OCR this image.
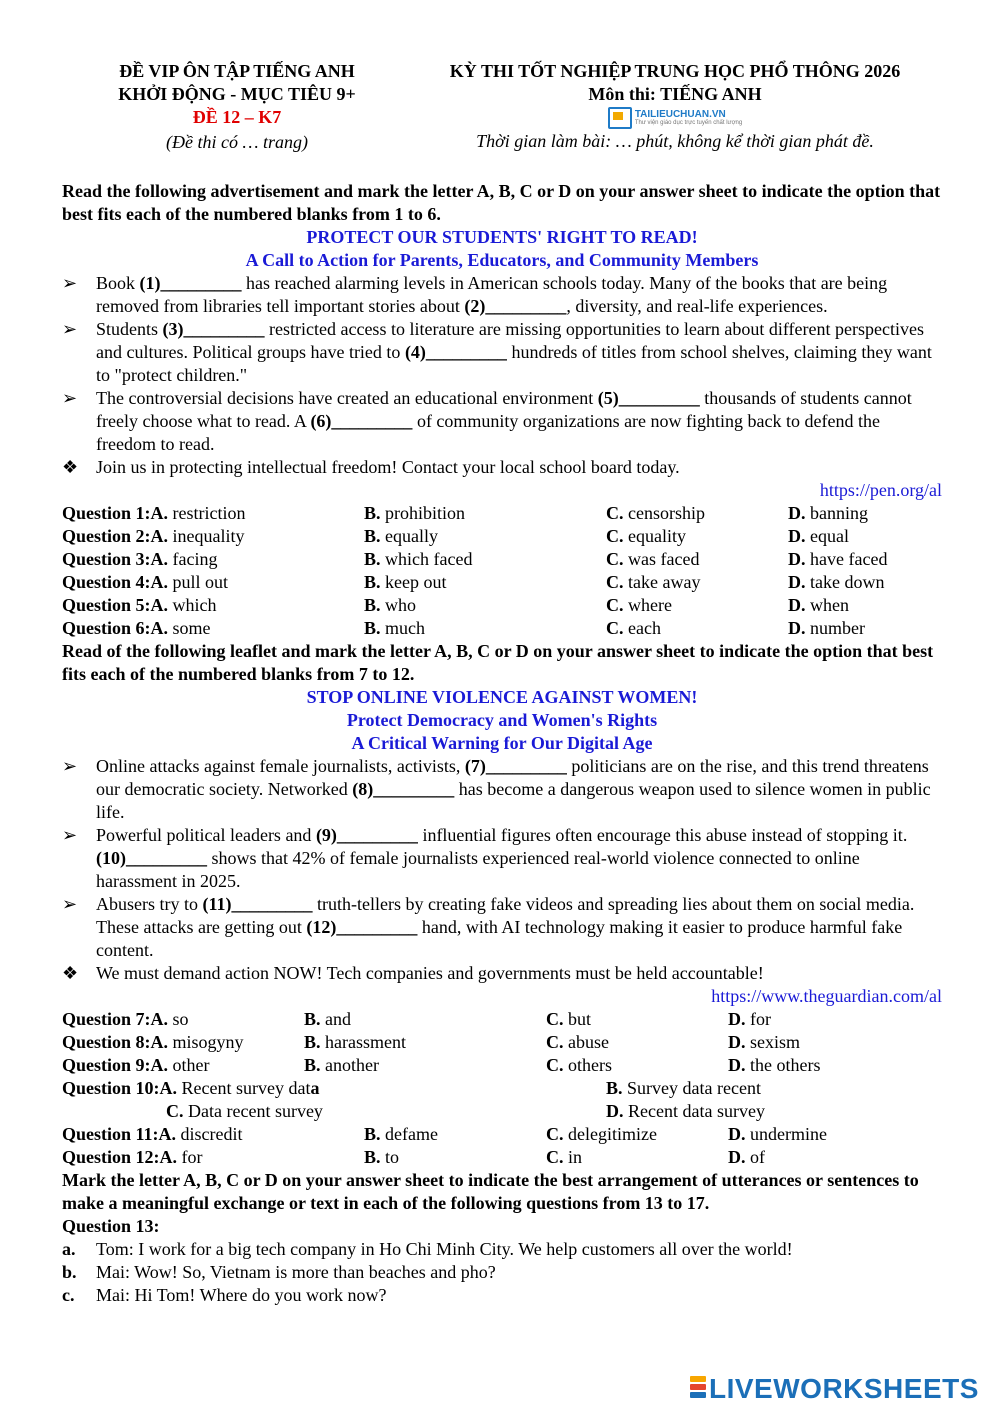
ĐỀ VIP ÔN TẬP TIẾNG ANH
KHỞI ĐỘNG - MỤC TIÊU 9+
ĐỀ 12 – K7
(Đề thi có … trang)
KỲ THI TỐT NGHIỆP TRUNG HỌC PHỔ THÔNG 2026
Môn thi: TIẾNG ANH
TAILIEUCHUAN.VN
Thư viện giáo dục trực tuyến chất lượng
Thời gian làm bài: … phút, không kể thời gian phát đề.
Read the following advertisement and mark the letter A, B, C or D on your answer sheet to indicate the option that best fits each of the numbered blanks from 1 to 6.
PROTECT OUR STUDENTS' RIGHT TO READ!
A Call to Action for Parents, Educators, and Community Members
➢	Book (1)_________ has reached alarming levels in American schools today. Many of the books that are being removed from libraries tell important stories about (2)_________, diversity, and real-life experiences.
➢	Students (3)_________ restricted access to literature are missing opportunities to learn about different perspectives and cultures. Political groups have tried to (4)_________ hundreds of titles from school shelves, claiming they want to "protect children."
➢	The controversial decisions have created an educational environment (5)_________ thousands of students cannot freely choose what to read. A (6)_________ of community organizations are now fighting back to defend the freedom to read.
❖ Join us in protecting intellectual freedom! Contact your local school board today.
https://pen.org/al
Question 1:A. restriction	B. prohibition	C. censorship	D. banning
Question 2:A. inequality	B. equally	C. equality	D. equal
Question 3:A. facing	B. which faced	C. was faced	D. have faced
Question 4:A. pull out	B. keep out	C. take away	D. take down
Question 5:A. which	B. who	C. where	D. when
Question 6:A. some	B. much	C. each	D. number
Read of the following leaflet and mark the letter A, B, C or D on your answer sheet to indicate the option that best fits each of the numbered blanks from 7 to 12.
STOP ONLINE VIOLENCE AGAINST WOMEN!
Protect Democracy and Women's Rights
A Critical Warning for Our Digital Age
➢	Online attacks against female journalists, activists, (7)_________ politicians are on the rise, and this trend threatens our democratic society. Networked (8)_________ has become a dangerous weapon used to silence women in public life.
➢	Powerful political leaders and (9)_________ influential figures often encourage this abuse instead of stopping it. (10)_________ shows that 42% of female journalists experienced real-world violence connected to online harassment in 2025.
➢	Abusers try to (11)_________ truth-tellers by creating fake videos and spreading lies about them on social media. These attacks are getting out (12)_________ hand, with AI technology making it easier to produce harmful fake content.
❖ We must demand action NOW! Tech companies and governments must be held accountable!
https://www.theguardian.com/al
Question 7:A. so	B. and	C. but	D. for
Question 8:A. misogyny	B. harassment	C. abuse	D. sexism
Question 9:A. other	B. another	C. others	D. the others
Question 10:A. Recent survey data	B. Survey data recent
C. Data recent survey	D. Recent data survey
Question 11:A. discredit	B. defame	C. delegitimize	D. undermine
Question 12:A. for	B. to	C. in	D. of
Mark the letter A, B, C or D on your answer sheet to indicate the best arrangement of utterances or sentences to make a meaningful exchange or text in each of the following questions from 13 to 17.
Question 13:
a.	Tom: I work for a big tech company in Ho Chi Minh City. We help customers all over the world!
b.	Mai: Wow! So, Vietnam is more than beaches and pho?
c.	Mai: Hi Tom! Where do you work now?
LIVEWORKSHEETS
